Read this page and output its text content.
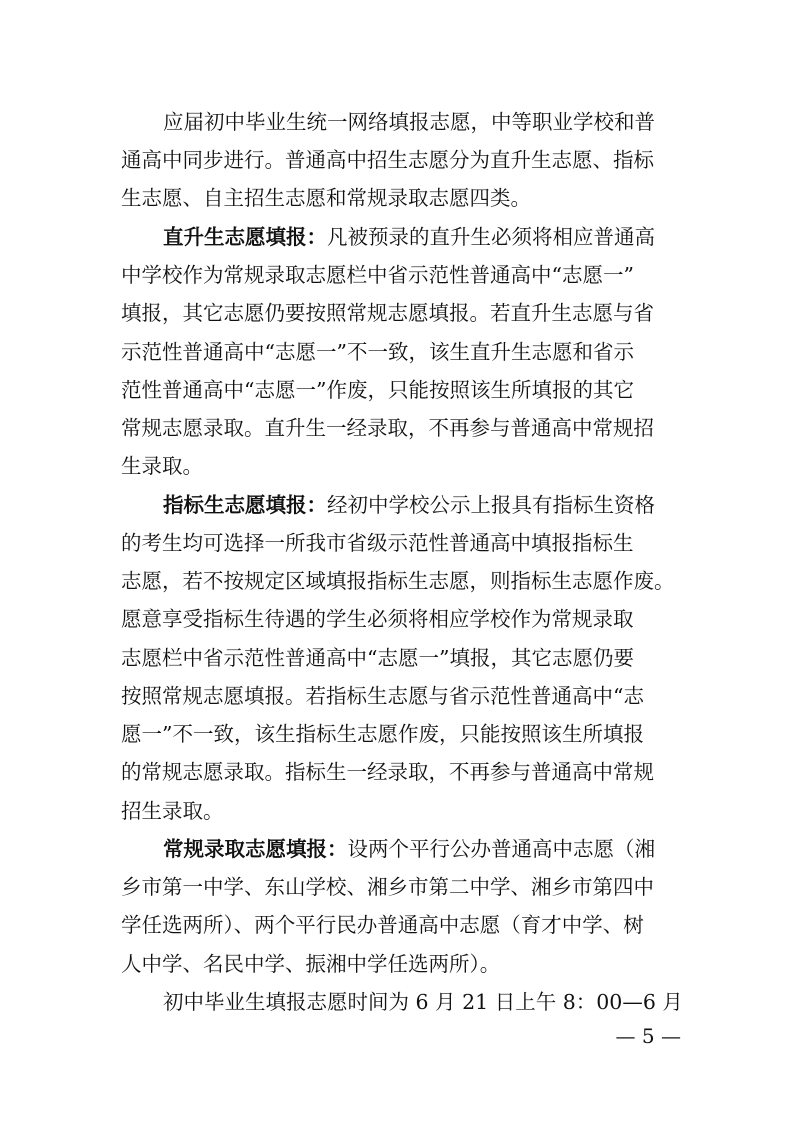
应届初中毕业生统一网络填报志愿，中等职业学校和普
通高中同步进行。普通高中招生志愿分为直升生志愿、指标
生志愿、自主招生志愿和常规录取志愿四类。
直升生志愿填报：凡被预录的直升生必须将相应普通高
中学校作为常规录取志愿栏中省示范性普通高中“志愿一”
填报，其它志愿仍要按照常规志愿填报。若直升生志愿与省
示范性普通高中“志愿一”不一致，该生直升生志愿和省示
范性普通高中“志愿一”作废，只能按照该生所填报的其它
常规志愿录取。直升生一经录取，不再参与普通高中常规招
生录取。
指标生志愿填报：经初中学校公示上报具有指标生资格
的考生均可选择一所我市省级示范性普通高中填报指标生
志愿，若不按规定区域填报指标生志愿，则指标生志愿作废。
愿意享受指标生待遇的学生必须将相应学校作为常规录取
志愿栏中省示范性普通高中“志愿一”填报，其它志愿仍要
按照常规志愿填报。若指标生志愿与省示范性普通高中“志
愿一”不一致，该生指标生志愿作废，只能按照该生所填报
的常规志愿录取。指标生一经录取，不再参与普通高中常规
招生录取。
常规录取志愿填报：设两个平行公办普通高中志愿（湘
乡市第一中学、东山学校、湘乡市第二中学、湘乡市第四中
学任选两所）、两个平行民办普通高中志愿（育才中学、树
人中学、名民中学、振湘中学任选两所）。
初中毕业生填报志愿时间为 6 月 21 日上午 8：00—6 月
— 5 —
